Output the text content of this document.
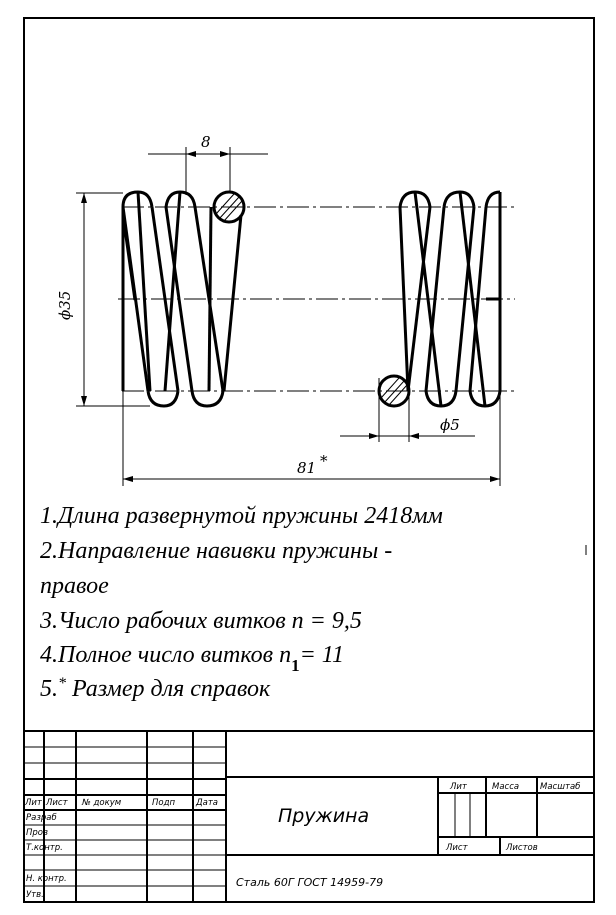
8
ϕ35
ϕ5
81 *
Лит Лист № докум	Подп Дата
Разраб
Пров
Т.контр.
Н. контр.
Утв.
Пружина
Сталь 60Г ГОСТ 14959-79
Лит	Масса Масштаб
Лист	Листов
1.Длина развернутой пружины 2418мм
2.Направление навивки пружины -
правое
3.Число рабочих витков n = 9,5
4.Полное число витков $n_1= 11$
5.* Размер для справок
